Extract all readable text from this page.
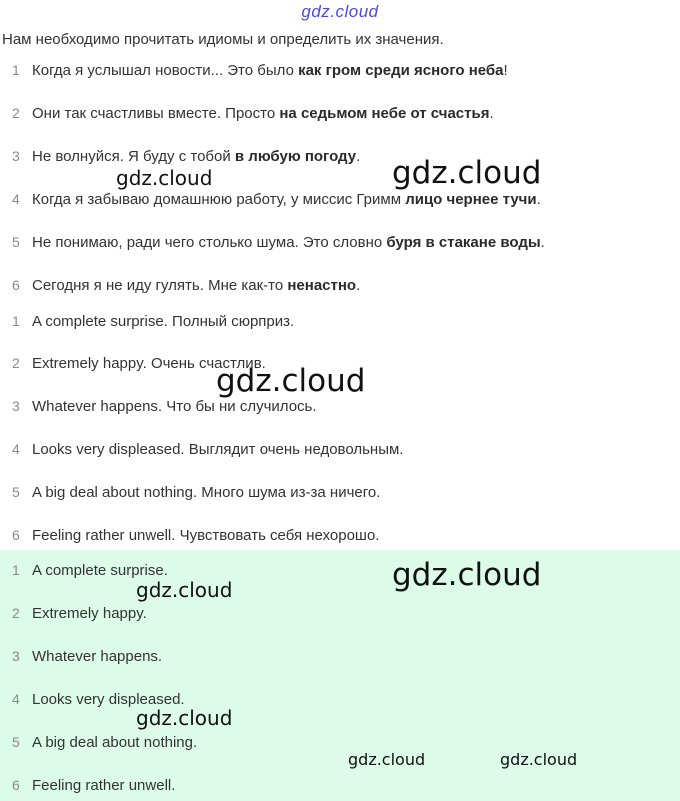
gdz.cloud
Нам необходимо прочитать идиомы и определить их значения.
1 Когда я услышал новости... Это было как гром среди ясного неба!
2 Они так счастливы вместе. Просто на седьмом небе от счастья.
3 Не волнуйся. Я буду с тобой в любую погоду.
4 Когда я забываю домашнюю работу, у миссис Гримм лицо чернее тучи.
5 Не понимаю, ради чего столько шума. Это словно буря в стакане воды.
6 Сегодня я не иду гулять. Мне как-то ненастно.
1 A complete surprise. Полный сюрприз.
2 Extremely happy. Очень счастлив.
3 Whatever happens. Что бы ни случилось.
4 Looks very displeased. Выглядит очень недовольным.
5 A big deal about nothing. Много шума из-за ничего.
6 Feeling rather unwell. Чувствовать себя нехорошо.
1 A complete surprise.
2 Extremely happy.
3 Whatever happens.
4 Looks very displeased.
5 A big deal about nothing.
6 Feeling rather unwell.
gdz.cloud	gdz.cloud
gdz.cloud
gdz.cloud
gdz.cloud
gdz.cloud
gdz.cloud	gdz.cloud
